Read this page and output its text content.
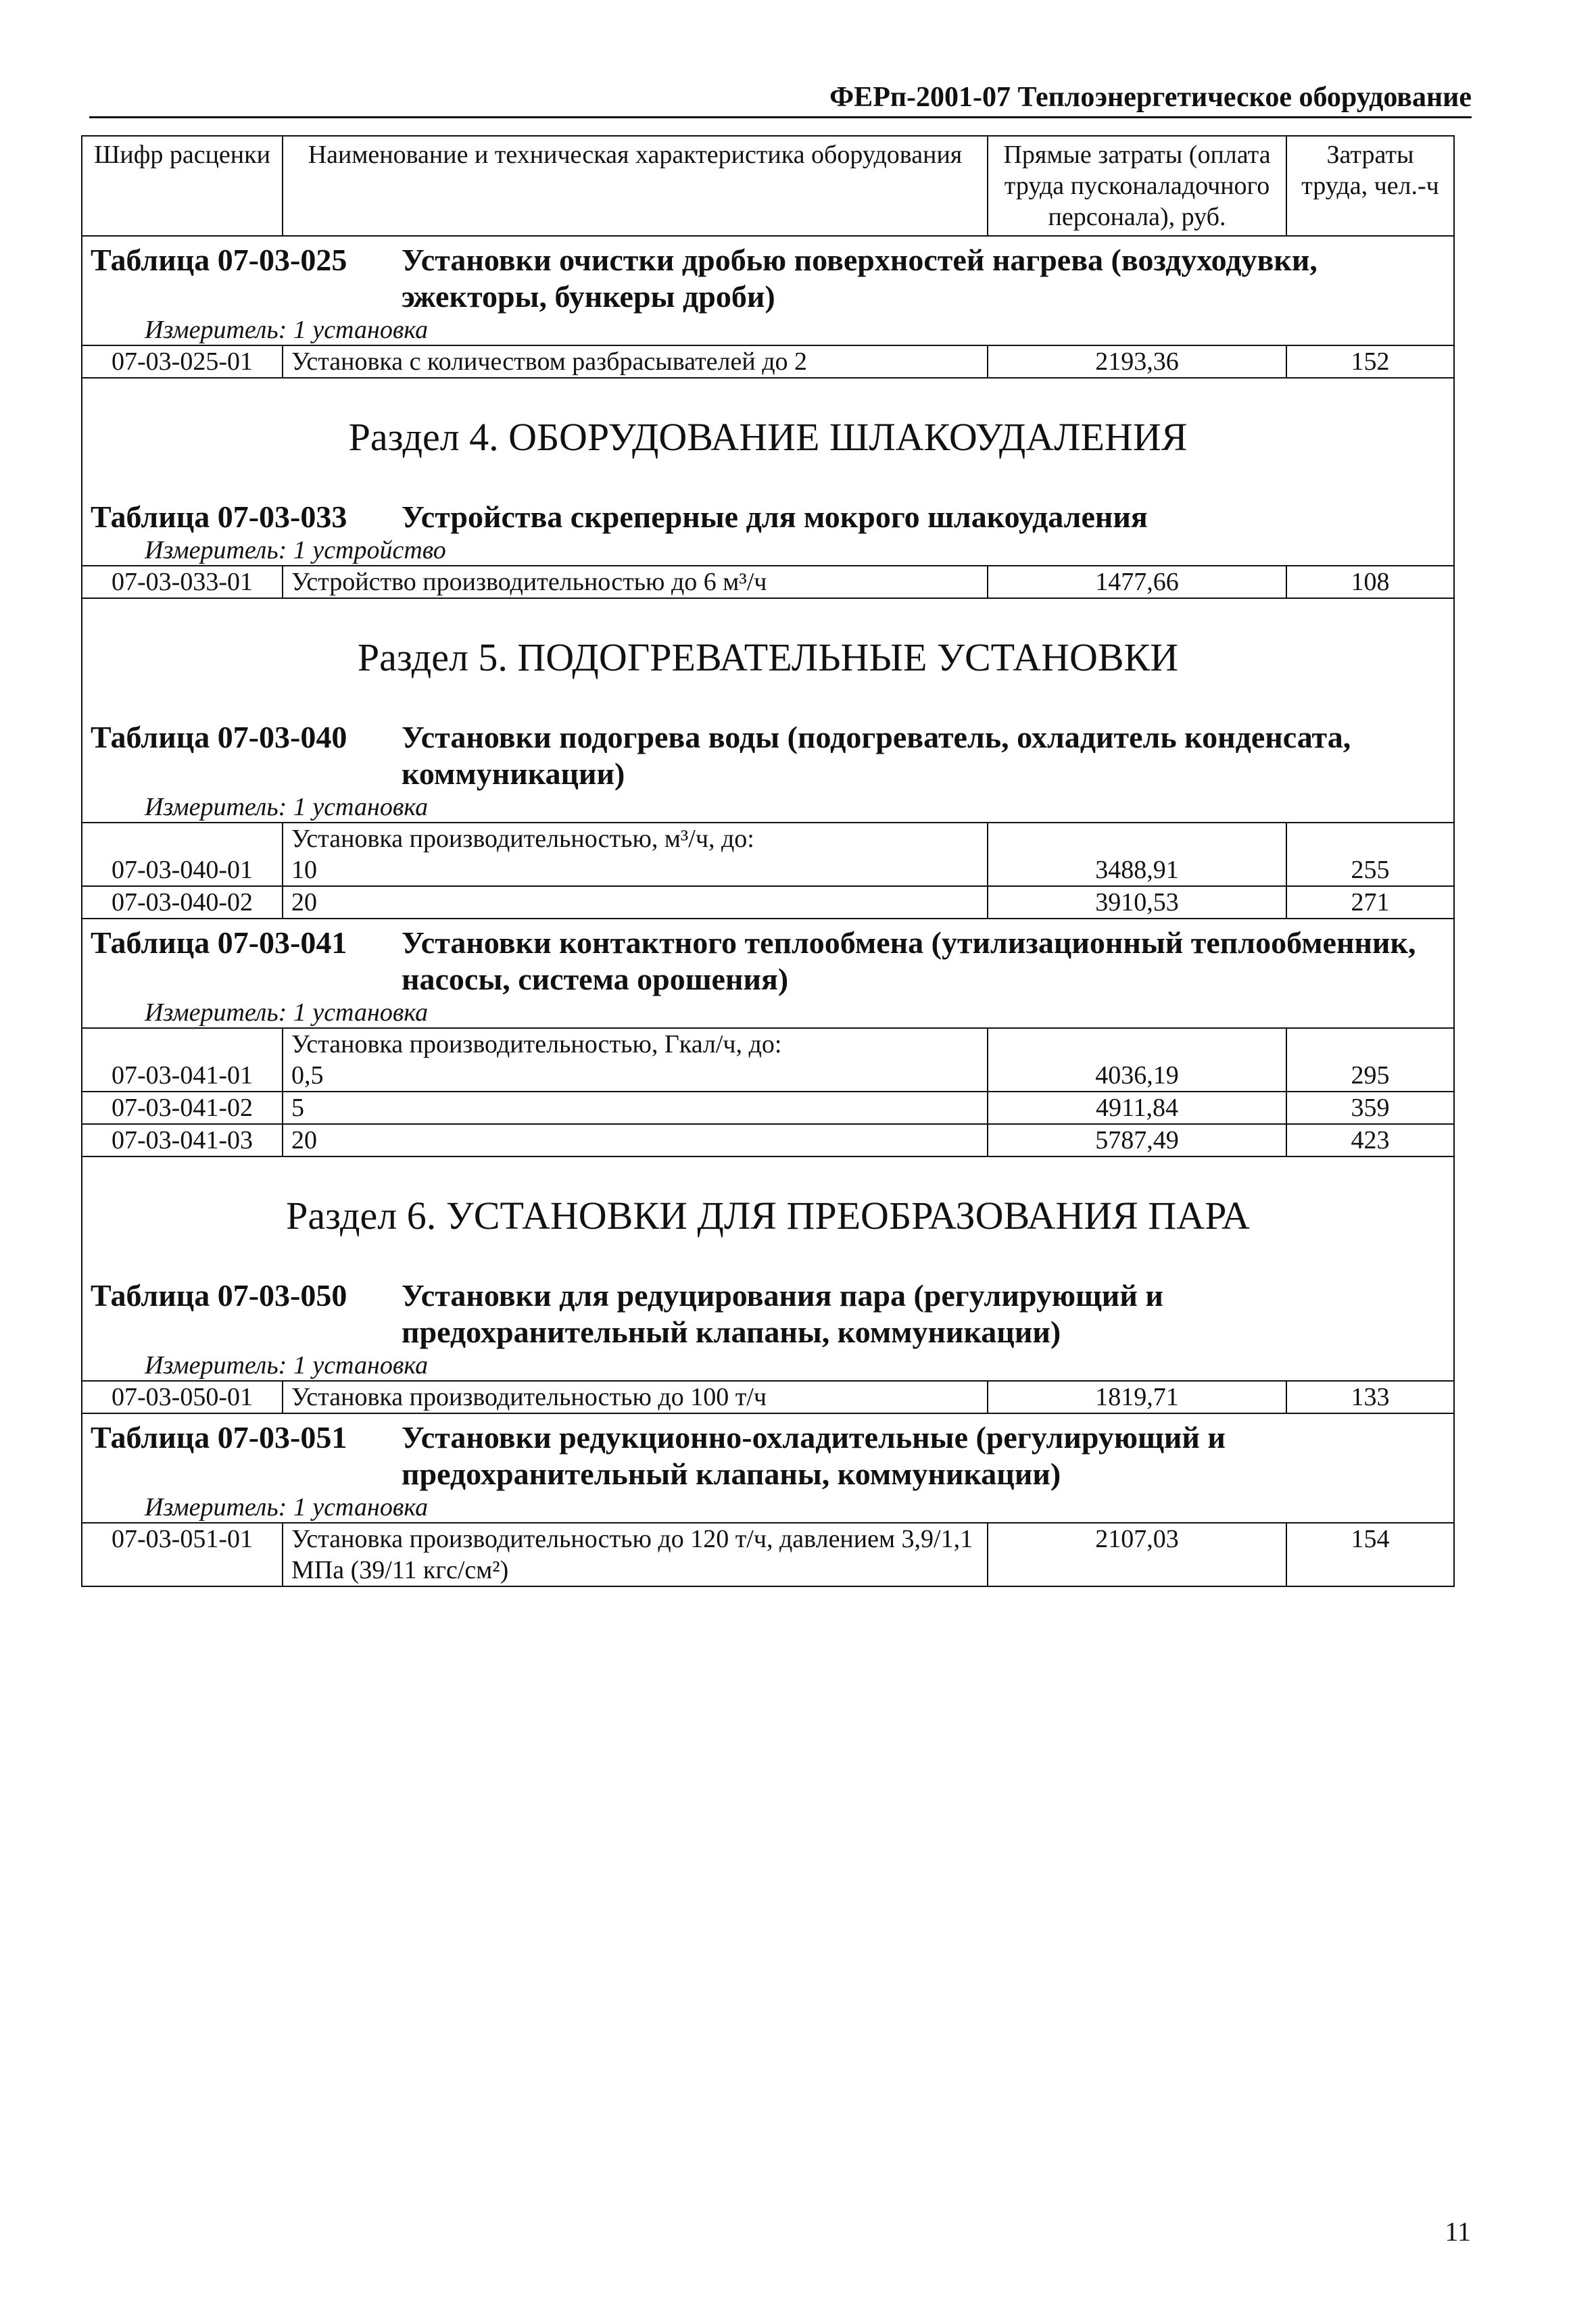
ФЕРп-2001-07 Теплоэнергетическое оборудование
Шифр расценки	Наименование и техническая характеристика оборудования	Прямые затраты (оплата труда пусконаладочного персонала), руб.	Затраты труда, чел.-ч

Таблица 07-03-025 Установки очистки дробью поверхностей нагрева (воздуходувки, эжекторы, бункеры дроби)
Измеритель: 1 установка			

07-03-025-01	Установка с количеством разбрасывателей до 2	2193,36	152

Раздел 4. ОБОРУДОВАНИЕ ШЛАКОУДАЛЕНИЯ
Таблица 07-03-033 Устройства скреперные для мокрого шлакоудаления
Измеритель: 1 устройство			

07-03-033-01	Устройство производительностью до 6 м³/ч	1477,66	108

Раздел 5. ПОДОГРЕВАТЕЛЬНЫЕ УСТАНОВКИ
Таблица 07-03-040 Установки подогрева воды (подогреватель, охладитель конденсата, коммуникации)
Измеритель: 1 установка			

	Установка производительностью, м³/ч, до:		
07-03-040-01	10	3488,91	255
07-03-040-02	20	3910,53	271

Таблица 07-03-041 Установки контактного теплообмена (утилизационный теплообменник, насосы, система орошения)
Измеритель: 1 установка			

	Установка производительностью, Гкал/ч, до:		
07-03-041-01	0,5	4036,19	295
07-03-041-02	5	4911,84	359
07-03-041-03	20	5787,49	423

Раздел 6. УСТАНОВКИ ДЛЯ ПРЕОБРАЗОВАНИЯ ПАРА
Таблица 07-03-050 Установки для редуцирования пара (регулирующий и предохранительный клапаны, коммуникации)
Измеритель: 1 установка			

07-03-050-01	Установка производительностью до 100 т/ч	1819,71	133

Таблица 07-03-051 Установки редукционно-охладительные (регулирующий и предохранительный клапаны, коммуникации)
Измеритель: 1 установка			

07-03-051-01	Установка производительностью до 120 т/ч, давлением 3,9/1,1 МПа (39/11 кгс/см²)	2107,03	154
11
